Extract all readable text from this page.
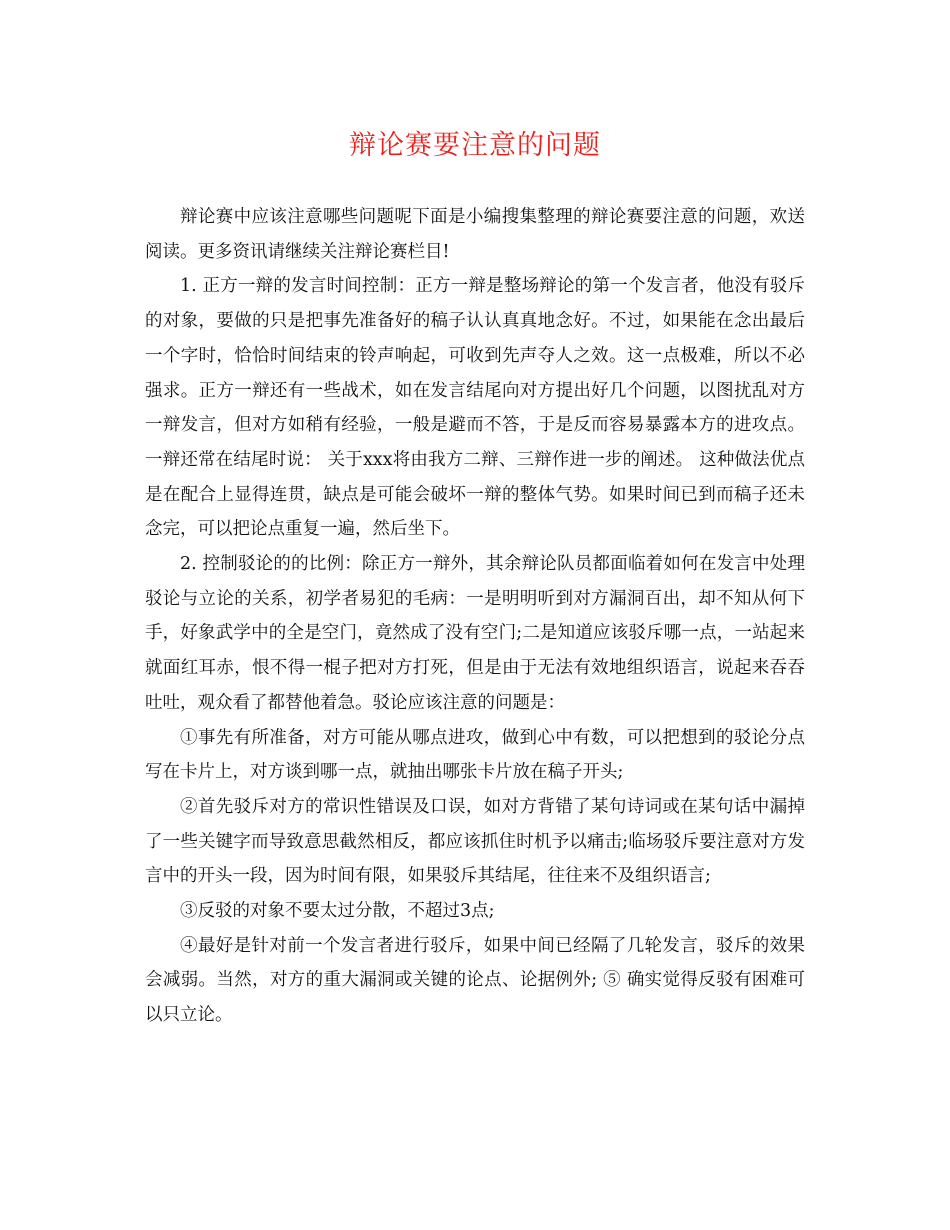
辩论赛要注意的问题

辩论赛中应该注意哪些问题呢下面是小编搜集整理的辩论赛要注意的问题，欢送阅读。更多资讯请继续关注辩论赛栏目!

1. 正方一辩的发言时间控制：正方一辩是整场辩论的第一个发言者，他没有驳斥的对象，要做的只是把事先准备好的稿子认认真真地念好。不过，如果能在念出最后一个字时，恰恰时间结束的铃声响起，可收到先声夺人之效。这一点极难，所以不必强求。正方一辩还有一些战术，如在发言结尾向对方提出好几个问题，以图扰乱对方一辩发言，但对方如稍有经验，一般是避而不答，于是反而容易暴露本方的进攻点。一辩还常在结尾时说： 关于xxx将由我方二辩、三辩作进一步的阐述。 这种做法优点是在配合上显得连贯，缺点是可能会破坏一辩的整体气势。如果时间已到而稿子还未念完，可以把论点重复一遍，然后坐下。

2. 控制驳论的的比例：除正方一辩外，其余辩论队员都面临着如何在发言中处理驳论与立论的关系，初学者易犯的毛病：一是明明听到对方漏洞百出，却不知从何下手，好象武学中的全是空门，竟然成了没有空门;二是知道应该驳斥哪一点，一站起来就面红耳赤，恨不得一棍子把对方打死，但是由于无法有效地组织语言，说起来吞吞吐吐，观众看了都替他着急。驳论应该注意的问题是：

①事先有所准备，对方可能从哪点进攻，做到心中有数，可以把想到的驳论分点写在卡片上，对方谈到哪一点，就抽出哪张卡片放在稿子开头;

②首先驳斥对方的常识性错误及口误，如对方背错了某句诗词或在某句话中漏掉了一些关键字而导致意思截然相反，都应该抓住时机予以痛击;临场驳斥要注意对方发言中的开头一段，因为时间有限，如果驳斥其结尾，往往来不及组织语言;

③反驳的对象不要太过分散，不超过3点;

④最好是针对前一个发言者进行驳斥，如果中间已经隔了几轮发言，驳斥的效果会减弱。当然，对方的重大漏洞或关键的论点、论据例外; ⑤ 确实觉得反驳有困难可以只立论。
